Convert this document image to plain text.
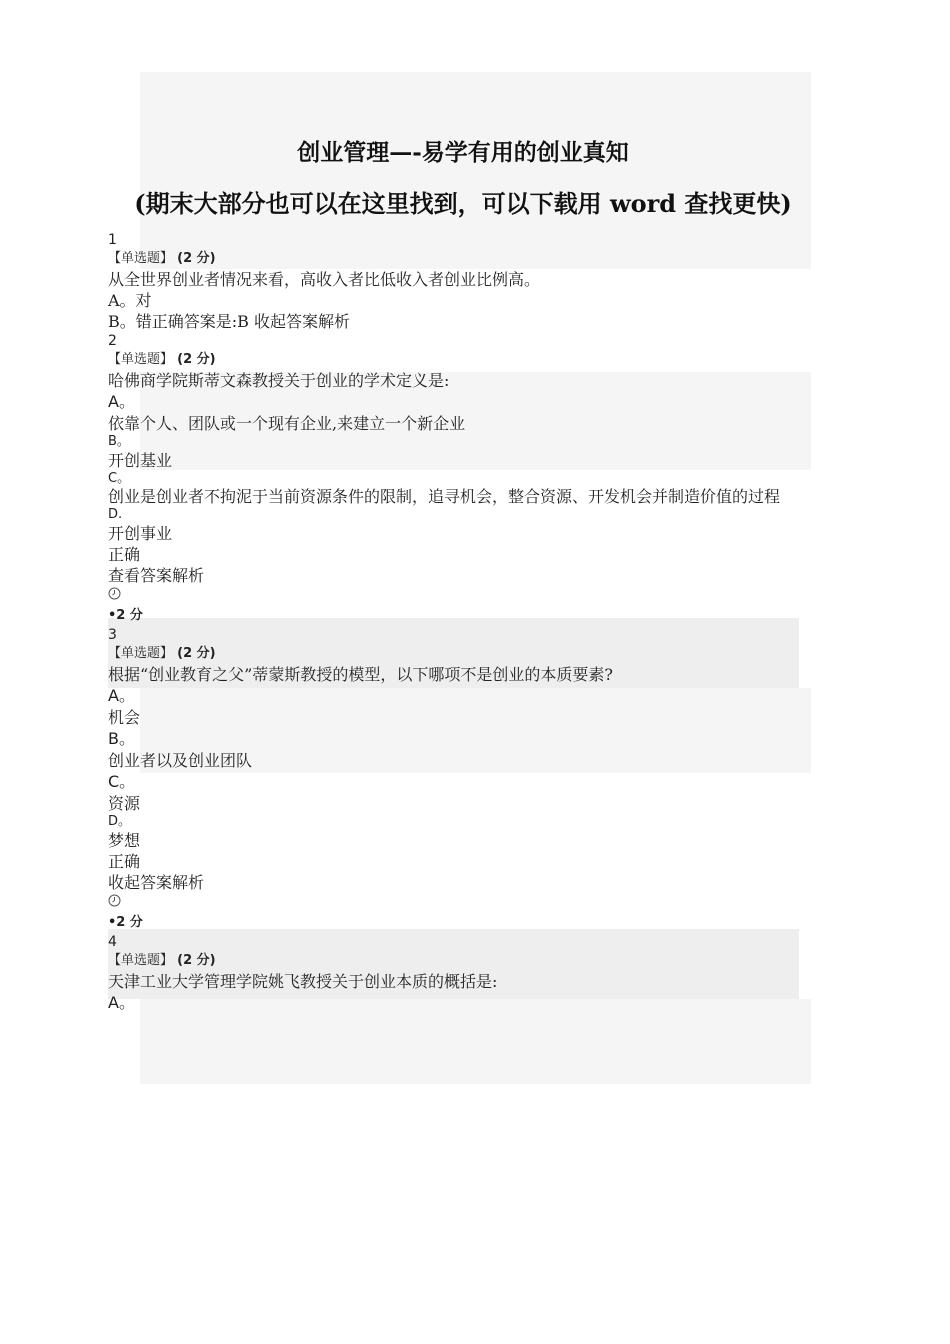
创业管理—-易学有用的创业真知
(期末大部分也可以在这里找到，可以下载用 word 查找更快)
1
【单选题】 (2 分)
从全世界创业者情况来看，高收入者比低收入者创业比例高。
A。对
B。错正确答案是:B 收起答案解析
2
【单选题】 (2 分)
哈佛商学院斯蒂文森教授关于创业的学术定义是:
A。
依靠个人、团队或一个现有企业,来建立一个新企业
B。
开创基业
C。
创业是创业者不拘泥于当前资源条件的限制，追寻机会，整合资源、开发机会并制造价值的过程
D.
开创事业
正确
查看答案解析
•2 分
3
【单选题】 (2 分)
根据“创业教育之父”蒂蒙斯教授的模型，以下哪项不是创业的本质要素?
A。
机会
B。
创业者以及创业团队
C。
资源
D。
梦想
正确
收起答案解析
•2 分
4
【单选题】 (2 分)
天津工业大学管理学院姚飞教授关于创业本质的概括是:
A。
